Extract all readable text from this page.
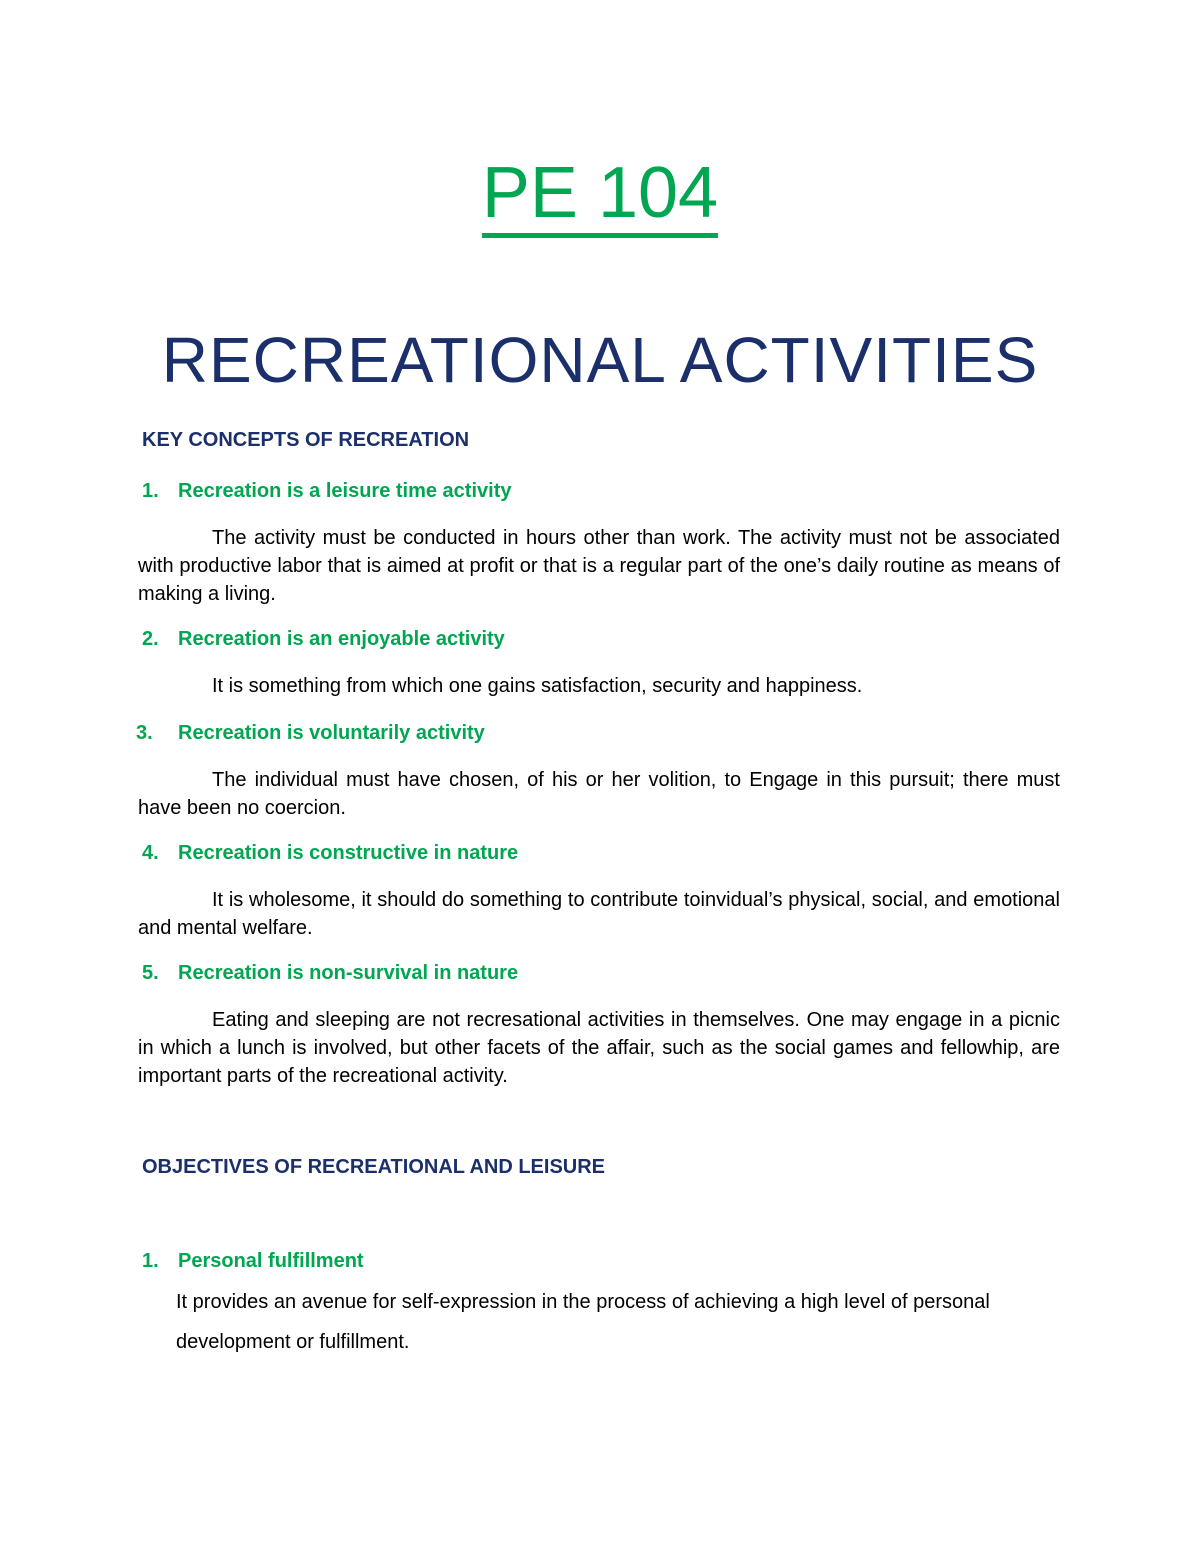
PE 104
RECREATIONAL ACTIVITIES
KEY CONCEPTS OF RECREATION
1. Recreation is a leisure time activity
The activity must be conducted in hours other than work. The activity must not be associated with productive labor that is aimed at profit or that is a regular part of the one’s daily routine as means of making a living.
2. Recreation is an enjoyable activity
It is something from which one gains satisfaction, security and happiness.
3. Recreation is voluntarily activity
The individual must have chosen, of his or her volition, to Engage in this pursuit; there must have been no coercion.
4. Recreation is constructive in nature
It is wholesome, it should do something to contribute toinvidual’s physical, social, and emotional and mental welfare.
5. Recreation is non-survival in nature
Eating and sleeping are not recresational activities in themselves. One may engage in a picnic in which a lunch is involved, but other facets of the affair, such as the social games and fellowhip, are important parts of the recreational activity.
OBJECTIVES OF RECREATIONAL AND LEISURE
1. Personal fulfillment
It provides an avenue for self-expression in the process of achieving a high level of personal development or fulfillment.
